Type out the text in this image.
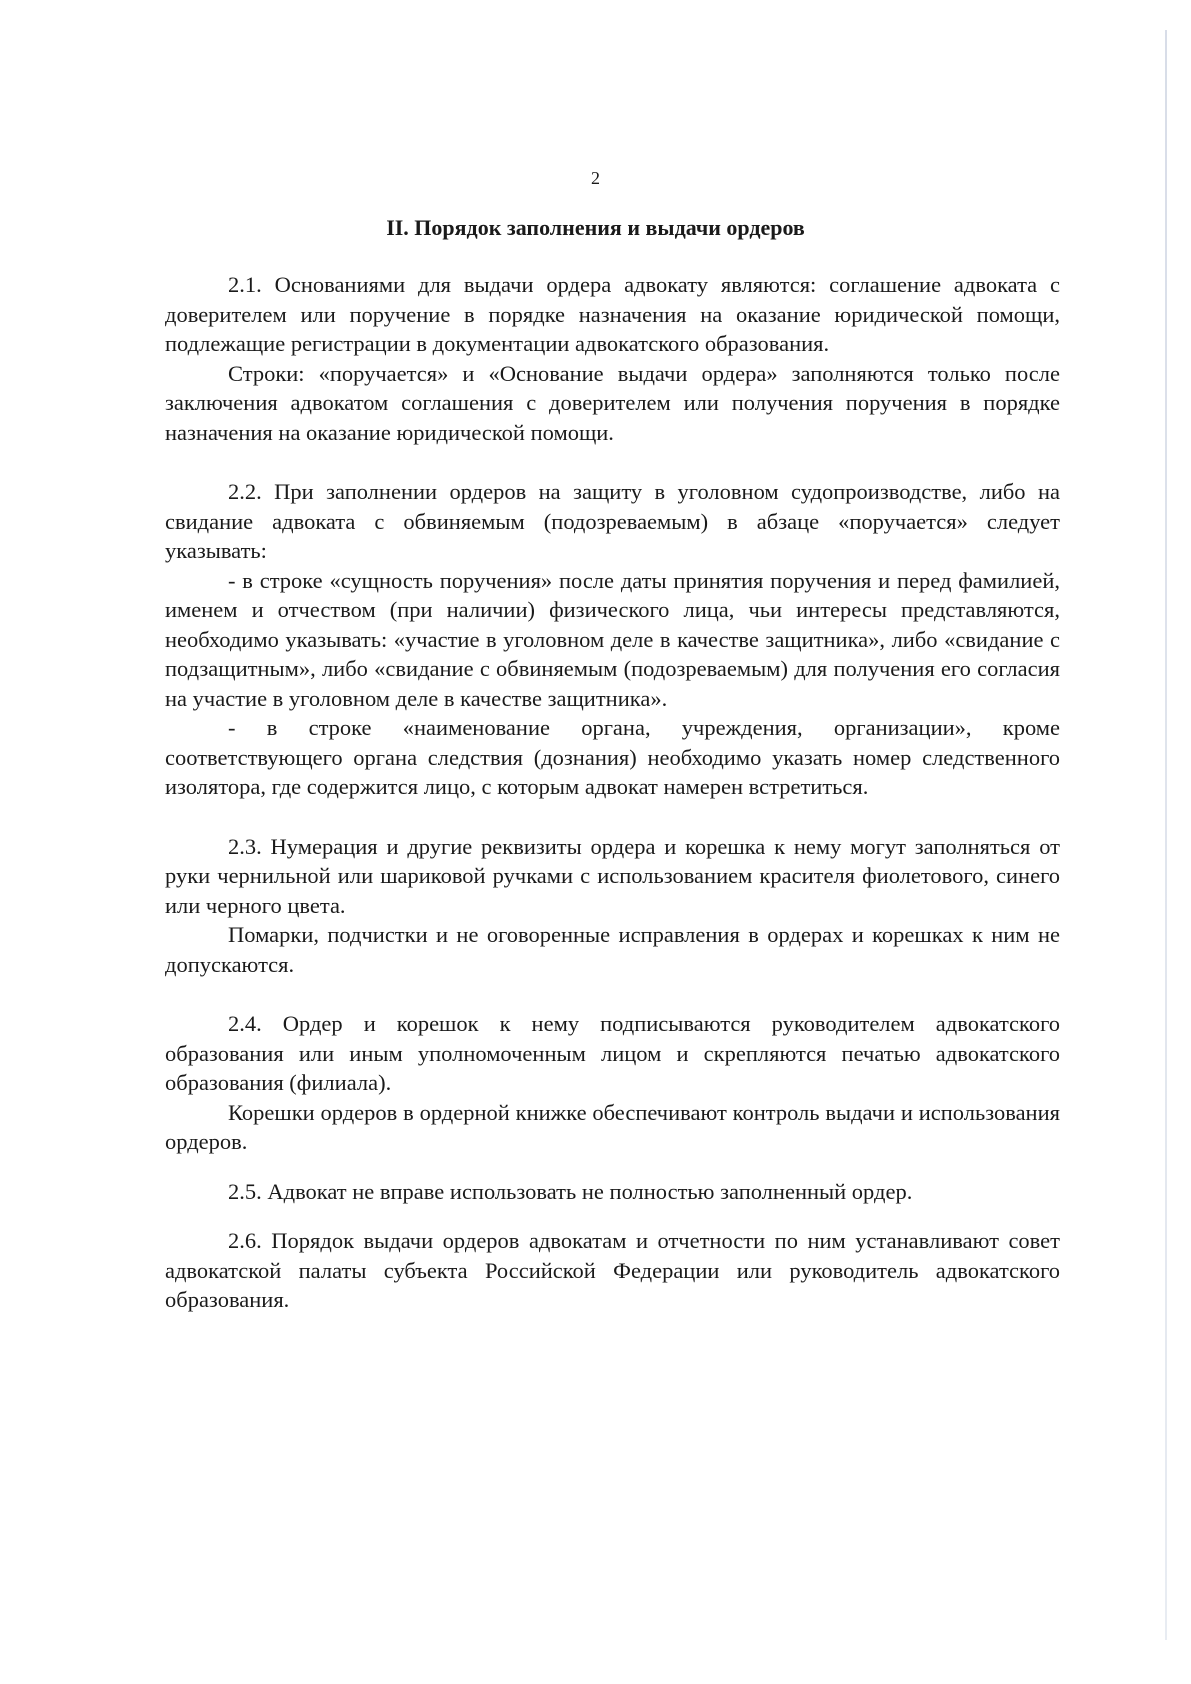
2
II. Порядок заполнения и выдачи ордеров

2.1. Основаниями для выдачи ордера адвокату являются: соглашение адвоката с доверителем или поручение в порядке назначения на оказание юридической помощи, подлежащие регистрации в документации адвокатского образования.

Строки: «поручается» и «Основание выдачи ордера» заполняются только после заключения адвокатом соглашения с доверителем или получения поручения в порядке назначения на оказание юридической помощи.

2.2. При заполнении ордеров на защиту в уголовном судопроизводстве, либо на свидание адвоката с обвиняемым (подозреваемым) в абзаце «поручается» следует указывать:

- в строке «сущность поручения» после даты принятия поручения и перед фамилией, именем и отчеством (при наличии) физического лица, чьи интересы представляются, необходимо указывать: «участие в уголовном деле в качестве защитника», либо «свидание с подзащитным», либо «свидание с обвиняемым (подозреваемым) для получения его согласия на участие в уголовном деле в качестве защитника».

- в строке «наименование органа, учреждения, организации», кроме соответствующего органа следствия (дознания) необходимо указать номер следственного изолятора, где содержится лицо, с которым адвокат намерен встретиться.

2.3. Нумерация и другие реквизиты ордера и корешка к нему могут заполняться от руки чернильной или шариковой ручками с использованием красителя фиолетового, синего или черного цвета.

Помарки, подчистки и не оговоренные исправления в ордерах и корешках к ним не допускаются.

2.4. Ордер и корешок к нему подписываются руководителем адвокатского образования или иным уполномоченным лицом и скрепляются печатью адвокатского образования (филиала).

Корешки ордеров в ордерной книжке обеспечивают контроль выдачи и использования ордеров.

2.5. Адвокат не вправе использовать не полностью заполненный ордер.

2.6. Порядок выдачи ордеров адвокатам и отчетности по ним устанавливают совет адвокатской палаты субъекта Российской Федерации или руководитель адвокатского образования.
